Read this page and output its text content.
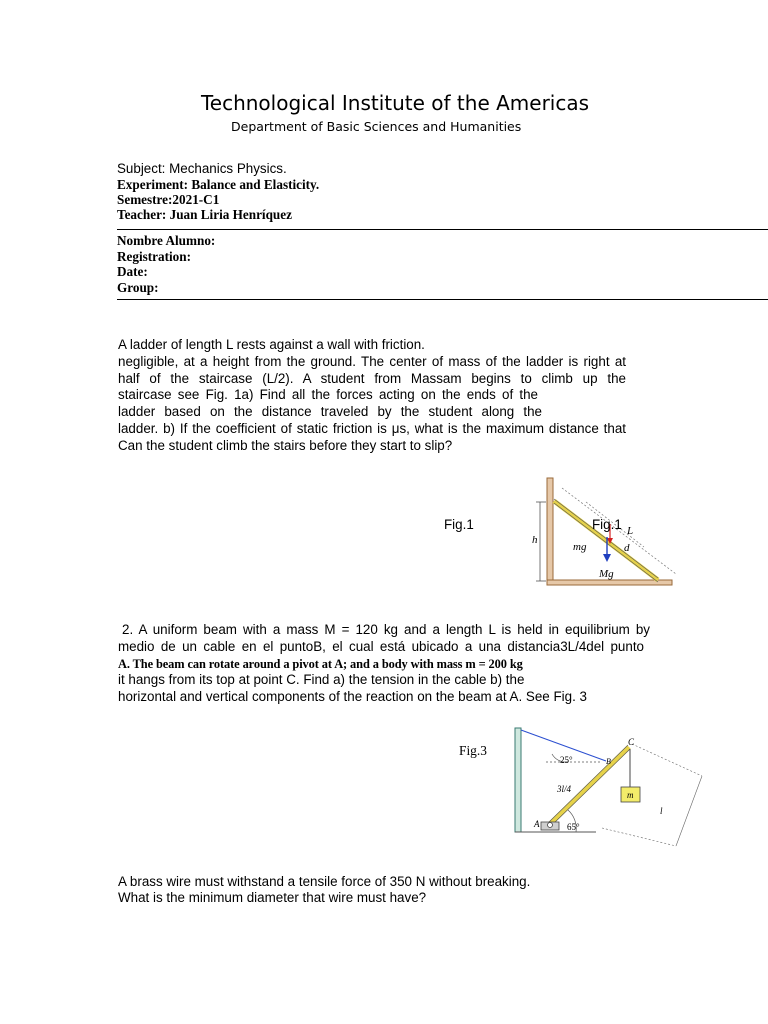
Technological Institute of the Americas
Department of Basic Sciences and Humanities
Subject: Mechanics Physics.
Experiment: Balance and Elasticity.
Semestre:2021-C1
Teacher: Juan Liria Henríquez
Nombre Alumno:
Registration:
Date:
Group:
A ladder of length L rests against a wall with friction.
negligible, at a height from the ground. The center of mass of the ladder is right at
half of the staircase (L/2). A student from Massam begins to climb up the
staircase see Fig. 1a) Find all the forces acting on the ends of the
ladder based on the distance traveled by the student along the
ladder. b) If the coefficient of static friction is μs, what is the maximum distance that
Can the student climb the stairs before they start to slip?
Fig.1
h
L
d
mg
Mg
Fig.1
2. A uniform beam with a mass M = 120 kg and a length L is held in equilibrium by
medio de un cable en el puntoB, el cual está ubicado a una distancia3L/4del punto
A. The beam can rotate around a pivot at A; and a body with mass m = 200 kg
it hangs from its top at point C. Find a) the tension in the cable b) the
horizontal and vertical components of the reaction on the beam at A. See Fig. 3
Fig.3
25°
65°
3l/4
A
B
C
m
l
A brass wire must withstand a tensile force of 350 N without breaking.
What is the minimum diameter that wire must have?
